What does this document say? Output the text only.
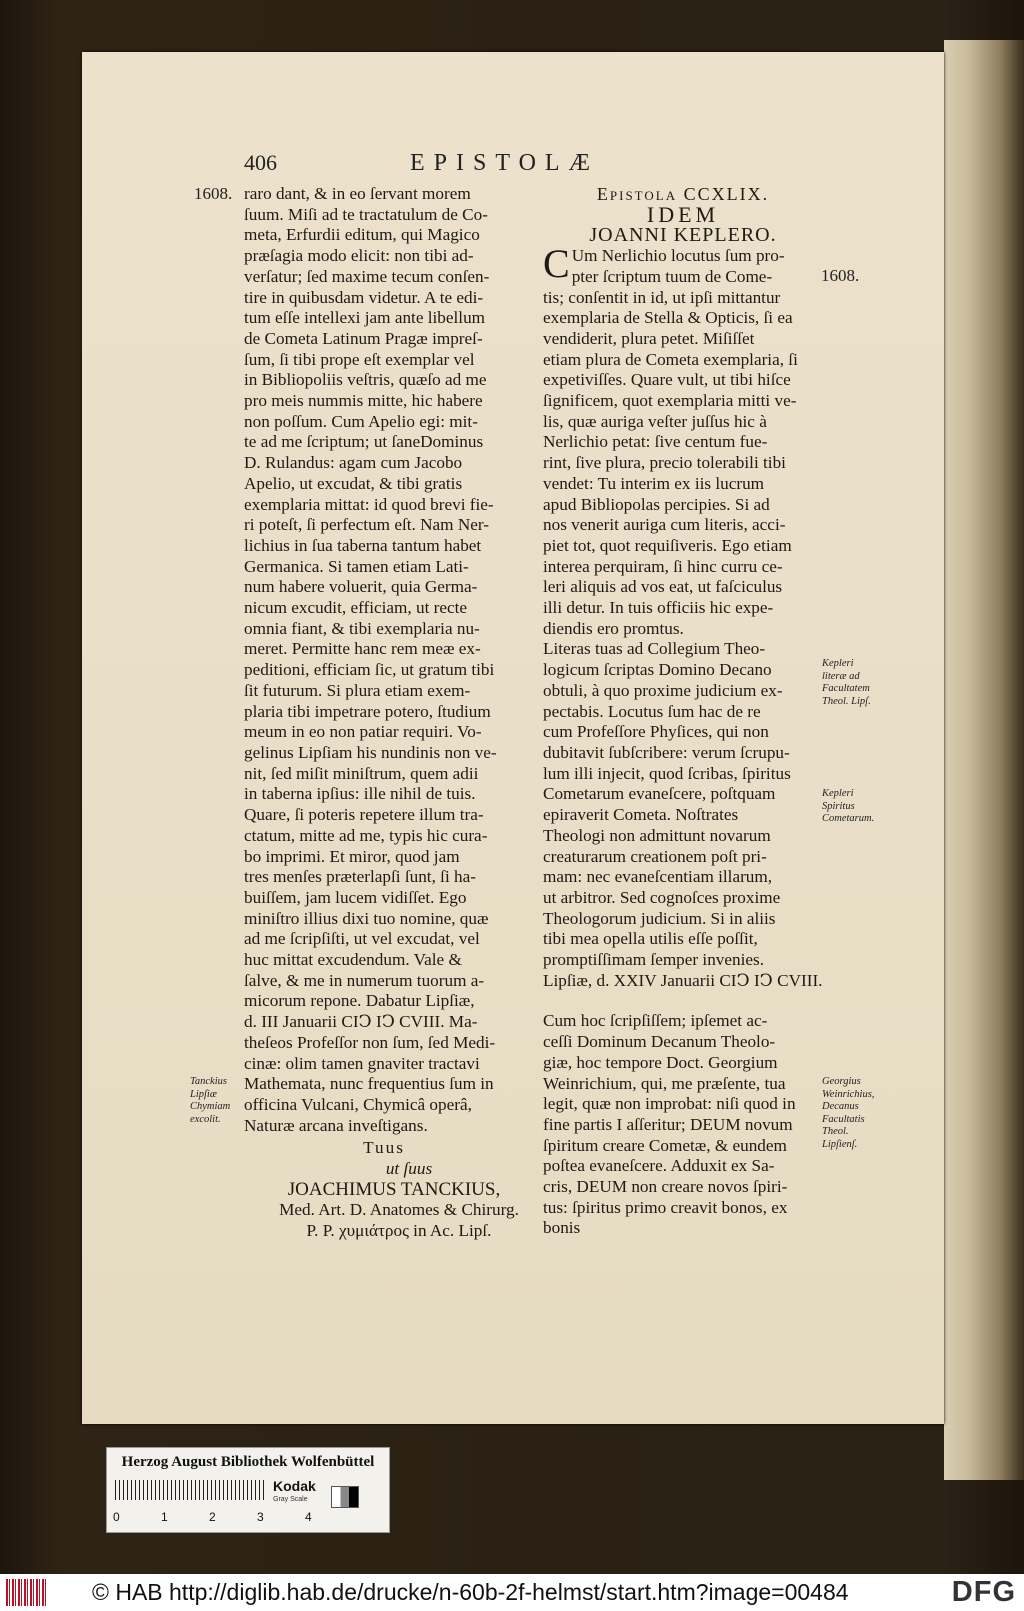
406	EPISTOLÆ
1608. raro dant, & in eo ſervant morem
ſuum. Miſi ad te tractatulum de Co-
meta, Erfurdii editum, qui Magico
præſagia modo elicit: non tibi ad-
verſatur; ſed maxime tecum conſen-
tire in quibusdam videtur. A te edi-
tum eſſe intellexi jam ante libellum
de Cometa Latinum Pragæ impreſ-
ſum, ſi tibi prope eſt exemplar vel
in Bibliopoliis veſtris, quæſo ad me
pro meis nummis mitte, hic habere
non poſſum. Cum Apelio egi: mit-
te ad me ſcriptum; ut ſaneDominus
D. Rulandus: agam cum Jacobo
Apelio, ut excudat, & tibi gratis
exemplaria mittat: id quod brevi fie-
ri poteſt, ſi perfectum eſt. Nam Ner-
lichius in ſua taberna tantum habet
Germanica. Si tamen etiam Lati-
num habere voluerit, quia Germa-
nicum excudit, efficiam, ut recte
omnia fiant, & tibi exemplaria nu-
meret. Permitte hanc rem meæ ex-
peditioni, efficiam ſic, ut gratum tibi
ſit futurum. Si plura etiam exem-
plaria tibi impetrare potero, ſtudium
meum in eo non patiar requiri. Vo-
gelinus Lipſiam his nundinis non ve-
nit, ſed miſit miniſtrum, quem adii
in taberna ipſius: ille nihil de tuis.
Quare, ſi poteris repetere illum tra-
ctatum, mitte ad me, typis hic cura-
bo imprimi. Et miror, quod jam
tres menſes præterlapſi ſunt, ſi ha-
buiſſem, jam lucem vidiſſet. Ego
miniſtro illius dixi tuo nomine, quæ
ad me ſcripſiſti, ut vel excudat, vel
huc mittat excudendum. Vale &
ſalve, & me in numerum tuorum a-
micorum repone. Dabatur Lipſiæ,
d. III Januarii CIↃ IↃ CVIII. Ma-
theſeos Profeſſor non ſum, ſed Medi-
cinæ: olim tamen gnaviter tractavi
Mathemata, nunc frequentius ſum in
officina Vulcani, Chymicâ operâ,
Naturæ arcana inveſtigans.
Tuus
ut ſuus
JOACHIMUS TANCKIUS,
Med. Art. D. Anatomes & Chirurg.
P. P. χυμιάτρος in Ac. Lipſ.
Tanckius Lipſiæ Chymiam excolit.
Epistola CCXLIX.
IDEM
JOANNI KEPLERO.
C Um Nerlichio locutus ſum pro-
pter ſcriptum tuum de Come-
tis; conſentit in id, ut ipſi mittantur
exemplaria de Stella & Opticis, ſi ea
vendiderit, plura petet. Miſiſſet
etiam plura de Cometa exemplaria, ſi
expetiviſſes. Quare vult, ut tibi hiſce
ſignificem, quot exemplaria mitti ve-
lis, quæ auriga veſter juſſus hic à
Nerlichio petat: ſive centum fue-
rint, ſive plura, precio tolerabili tibi
vendet: Tu interim ex iis lucrum
apud Bibliopolas percipies. Si ad
nos venerit auriga cum literis, acci-
piet tot, quot requiſiveris. Ego etiam
interea perquiram, ſi hinc curru ce-
leri aliquis ad vos eat, ut faſciculus
illi detur. In tuis officiis hic expe-
diendis ero promtus.
Literas tuas ad Collegium Theo-
logicum ſcriptas Domino Decano
obtuli, à quo proxime judicium ex-
pectabis. Locutus ſum hac de re
cum Profeſſore Phyſices, qui non
dubitavit ſubſcribere: verum ſcrupu-
lum illi injecit, quod ſcribas, ſpiritus
Cometarum evaneſcere, poſtquam
epiraverit Cometa. Noſtrates
Theologi non admittunt novarum
creaturarum creationem poſt pri-
mam: nec evaneſcentiam illarum,
ut arbitror. Sed cognoſces proxime
Theologorum judicium. Si in aliis
tibi mea opella utilis eſſe poſſit,
promptiſſimam ſemper invenies.
Lipſiæ, d. XXIV Januarii CIↃ IↃ CVIII.
Cum hoc ſcripſiſſem; ipſemet ac-
ceſſi Dominum Decanum Theolo-
giæ, hoc tempore Doct. Georgium
Weinrichium, qui, me præſente, tua
legit, quæ non improbat: niſi quod in
fine partis I aſſeritur; DEUM novum
ſpiritum creare Cometæ, & eundem
poſtea evaneſcere. Adduxit ex Sa-
cris, DEUM non creare novos ſpiri-
tus: ſpiritus primo creavit bonos, ex
bonis
1608.
Kepleri literæ ad Facultatem Theol. Lipſ.
Kepleri Spiritus Cometarum.
Georgius Weinrichius, Decanus Facultatis Theol. Lipſienſ.
Herzog August Bibliothek Wolfenbüttel
0 1 2 3 4
Kodak
Gray Scale
© HAB http://diglib.hab.de/drucke/n-60b-2f-helmst/start.htm?image=00484	DFG
